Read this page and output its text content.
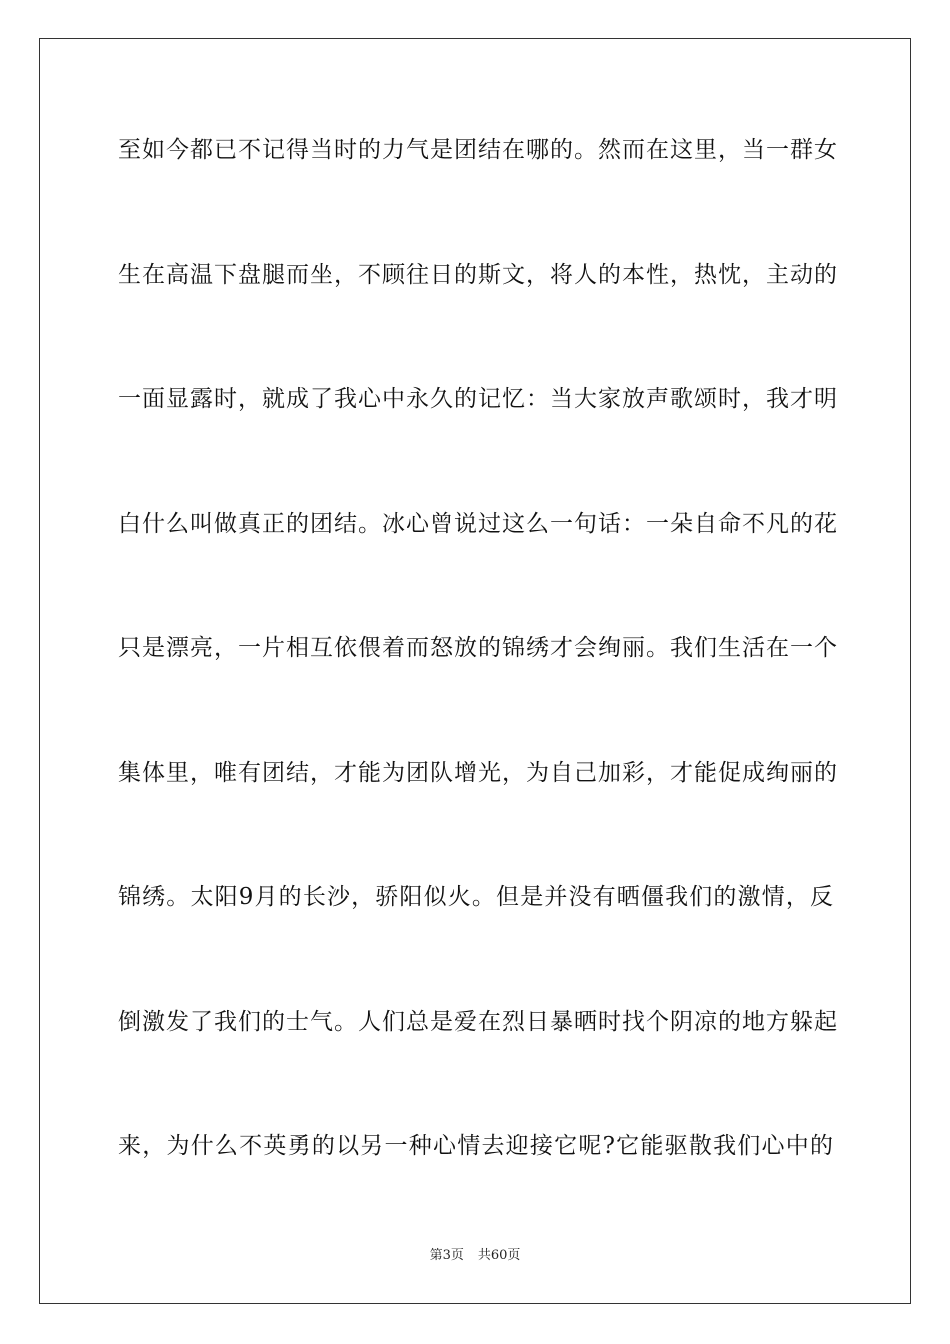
至如今都已不记得当时的力气是团结在哪的。然而在这里，当一群女
生在高温下盘腿而坐，不顾往日的斯文，将人的本性，热忱，主动的
一面显露时，就成了我心中永久的记忆：当大家放声歌颂时，我才明
白什么叫做真正的团结。冰心曾说过这么一句话：一朵自命不凡的花
只是漂亮，一片相互依偎着而怒放的锦绣才会绚丽。我们生活在一个
集体里，唯有团结，才能为团队增光，为自己加彩，才能促成绚丽的
锦绣。太阳9月的长沙，骄阳似火。但是并没有晒僵我们的激情，反
倒激发了我们的士气。人们总是爱在烈日暴晒时找个阴凉的地方躲起
来，为什么不英勇的以另一种心情去迎接它呢?它能驱散我们心中的
第3页 共60页
